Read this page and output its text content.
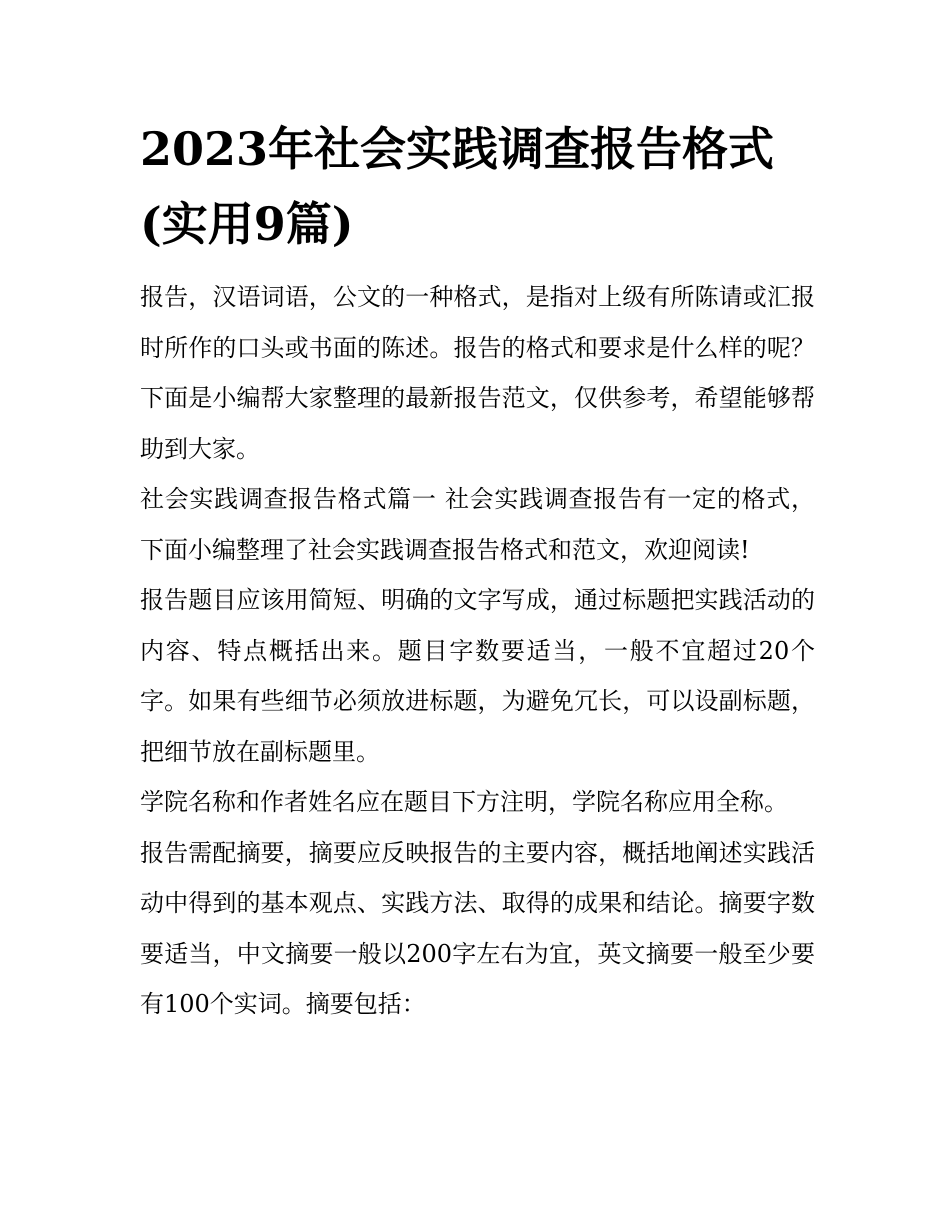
2023年社会实践调查报告格式(实用9篇)

报告，汉语词语，公文的一种格式，是指对上级有所陈请或汇报时所作的口头或书面的陈述。报告的格式和要求是什么样的呢？下面是小编帮大家整理的最新报告范文，仅供参考，希望能够帮助到大家。

社会实践调查报告格式篇一 社会实践调查报告有一定的格式，下面小编整理了社会实践调查报告格式和范文，欢迎阅读!

报告题目应该用简短、明确的文字写成，通过标题把实践活动的内容、特点概括出来。题目字数要适当，一般不宜超过20个字。如果有些细节必须放进标题，为避免冗长，可以设副标题，把细节放在副标题里。

学院名称和作者姓名应在题目下方注明，学院名称应用全称。

报告需配摘要，摘要应反映报告的主要内容，概括地阐述实践活动中得到的基本观点、实践方法、取得的成果和结论。摘要字数要适当，中文摘要一般以200字左右为宜，英文摘要一般至少要有100个实词。摘要包括：
